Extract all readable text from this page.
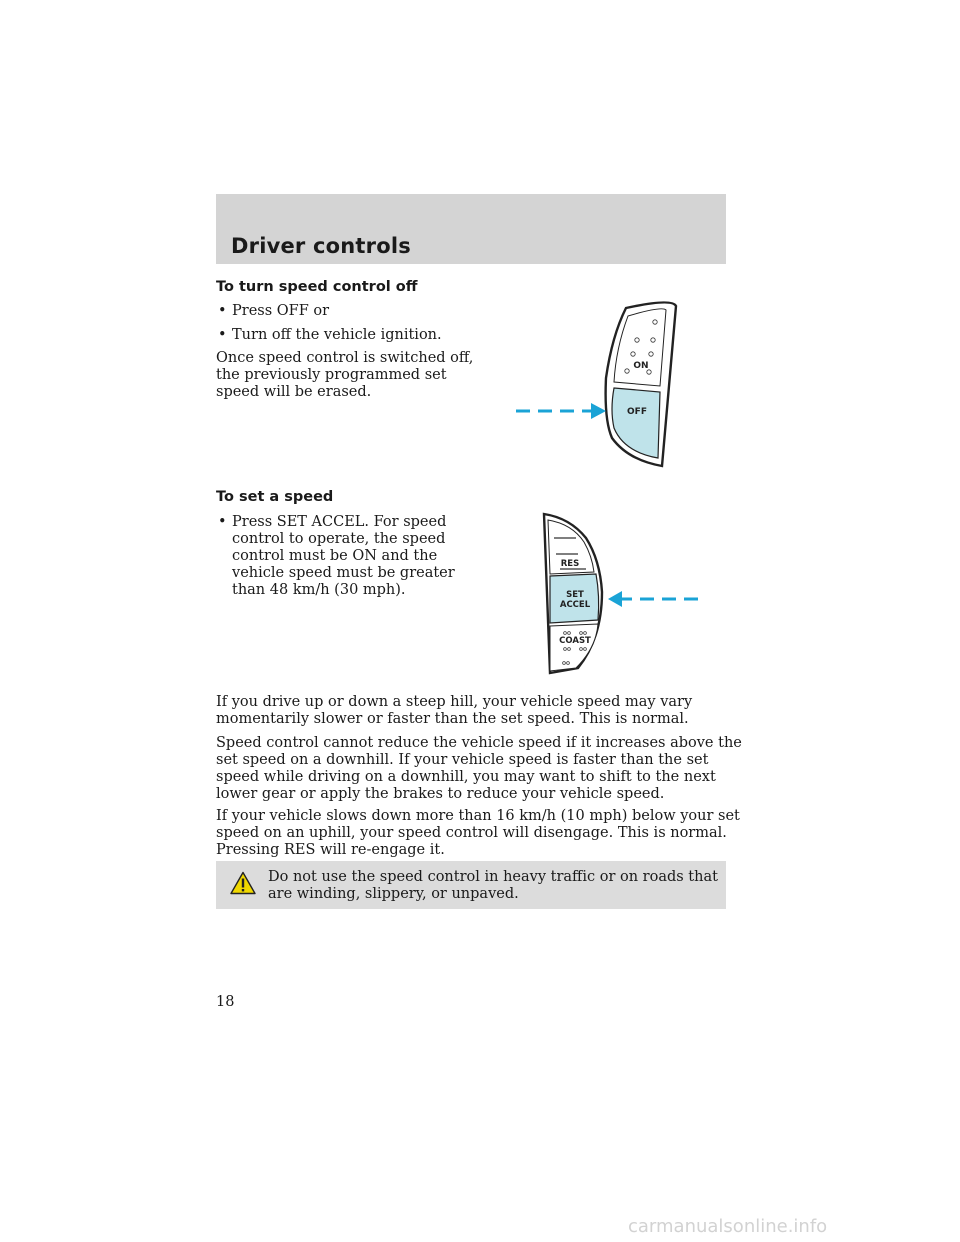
Driver controls
To turn speed control off
• Press OFF or
• Turn off the vehicle ignition.
Once speed control is switched off,
the previously programmed set
speed will be erased.
ON
OFF
To set a speed
• Press SET ACCEL. For speed
control to operate, the speed
control must be ON and the
vehicle speed must be greater
than 48 km/h (30 mph).
RES
SET
ACCEL
COAST
If you drive up or down a steep hill, your vehicle speed may vary
momentarily slower or faster than the set speed. This is normal.
Speed control cannot reduce the vehicle speed if it increases above the
set speed on a downhill. If your vehicle speed is faster than the set
speed while driving on a downhill, you may want to shift to the next
lower gear or apply the brakes to reduce your vehicle speed.
If your vehicle slows down more than 16 km/h (10 mph) below your set
speed on an uphill, your speed control will disengage. This is normal.
Pressing RES will re-engage it.
Do not use the speed control in heavy traffic or on roads that
are winding, slippery, or unpaved.

18

carmanualsonline.info
